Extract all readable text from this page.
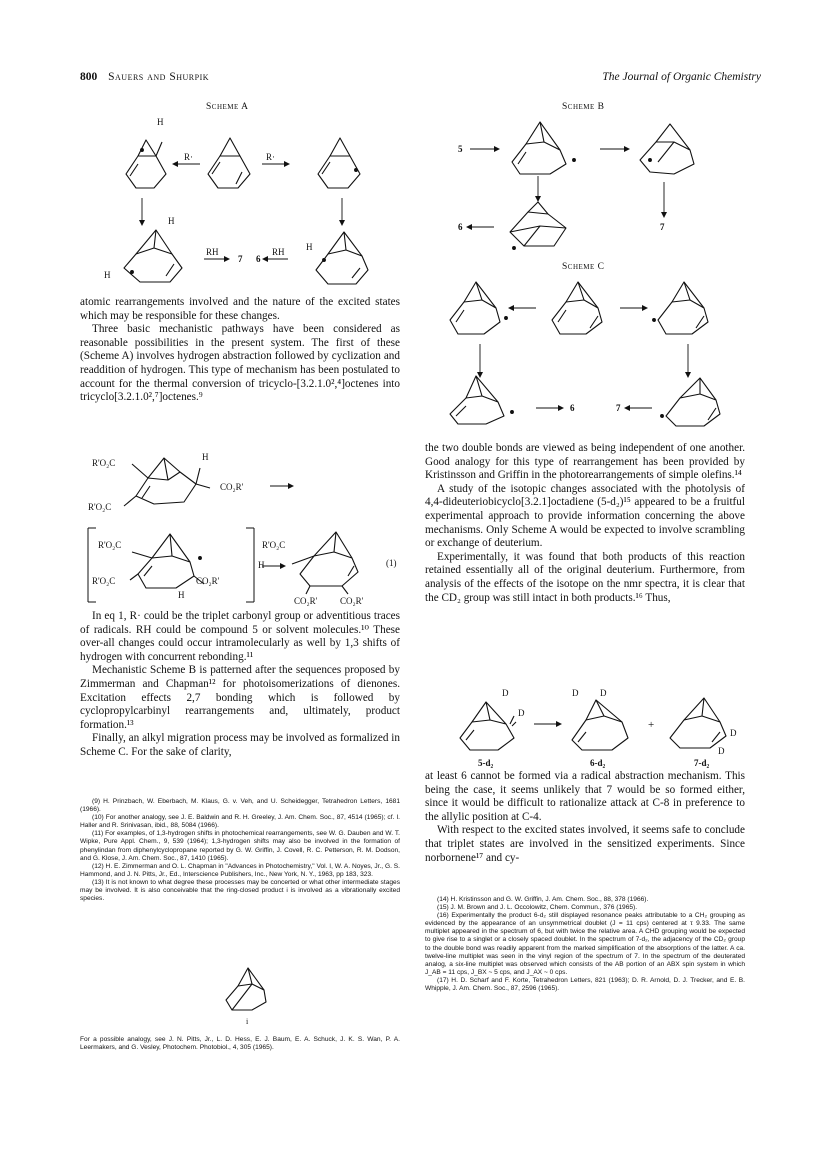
800 Sauers and Shurpik	The Journal of Organic Chemistry
Scheme A
H
R·	R·
H
H
RH
7 6
RH H
Scheme B
5
7
6
Scheme C
6	7

atomic rearrangements involved and the nature of the excited states which may be responsible for these changes.

Three basic mechanistic pathways have been considered as reasonable possibilities in the present system. The first of these (Scheme A) involves hydrogen abstraction followed by cyclization and readdition of hydrogen. This type of mechanism has been postulated to account for the thermal conversion of tricyclo-[3.2.1.0²,⁴]octenes into tricyclo[3.2.1.0²,⁷]octenes.⁹

R'O₂C
H
CO₂R'
R'O₂C
R'O₂C
R'O₂C
H
CO₂R'
R'O₂C
H
CO₂R'	CO₂R'
(1)

In eq 1, R· could be the triplet carbonyl group or adventitious traces of radicals. RH could be compound 5 or solvent molecules.¹⁰ These over-all changes could occur intramolecularly as well by 1,3 shifts of hydrogen with concurrent rebonding.¹¹

Mechanistic Scheme B is patterned after the sequences proposed by Zimmerman and Chapman¹² for photoisomerizations of dienones. Excitation effects 2,7 bonding which is followed by cyclopropylcarbinyl rearrangements and, ultimately, product formation.¹³

Finally, an alkyl migration process may be involved as formalized in Scheme C. For the sake of clarity,

(9) H. Prinzbach, W. Eberbach, M. Klaus, G. v. Veh, and U. Scheidegger, Tetrahedron Letters, 1681 (1966).

(10) For another analogy, see J. E. Baldwin and R. H. Greeley, J. Am. Chem. Soc., 87, 4514 (1965); cf. I. Haller and R. Srinivasan, ibid., 88, 5084 (1966).

(11) For examples, of 1,3-hydrogen shifts in photochemical rearrangements, see W. G. Dauben and W. T. Wipke, Pure Appl. Chem., 9, 539 (1964); 1,3-hydrogen shifts may also be involved in the formation of phenylindan from diphenylcyclopropane reported by G. W. Griffin, J. Covell, R. C. Petterson, R. M. Dodson, and G. Klose, J. Am. Chem. Soc., 87, 1410 (1965).

(12) H. E. Zimmerman and O. L. Chapman in "Advances in Photochemistry," Vol. I, W. A. Noyes, Jr., G. S. Hammond, and J. N. Pitts, Jr., Ed., Interscience Publishers, Inc., New York, N. Y., 1963, pp 183, 323.

(13) It is not known to what degree these processes may be concerted or what other intermediate stages may be involved. It is also conceivable that the ring-closed product i is involved as a vibrationally excited species.

i

For a possible analogy, see J. N. Pitts, Jr., L. D. Hess, E. J. Baum, E. A. Schuck, J. K. S. Wan, P. A. Leermakers, and G. Vesley, Photochem. Photobiol., 4, 305 (1965).

the two double bonds are viewed as being independent of one another. Good analogy for this type of rearrangement has been provided by Kristinsson and Griffin in the photorearrangements of simple olefins.¹⁴

A study of the isotopic changes associated with the photolysis of 4,4-dideuteriobicyclo[3.2.1]octadiene (5-d₂)¹⁵ appeared to be a fruitful experimental approach to provide information concerning the above mechanisms. Only Scheme A would be expected to involve scrambling or exchange of deuterium.

Experimentally, it was found that both products of this reaction retained essentially all of the original deuterium. Furthermore, from analysis of the effects of the isotope on the nmr spectra, it is clear that the CD₂ group was still intact in both products.¹⁶ Thus,

D
D
D D
+
D
D
5-d₂	6-d₂	7-d₂

at least 6 cannot be formed via a radical abstraction mechanism. This being the case, it seems unlikely that 7 would be so formed either, since it would be difficult to rationalize attack at C-8 in preference to the allylic position at C-4.

With respect to the excited states involved, it seems safe to conclude that triplet states are involved in the sensitized experiments. Since norbornene¹⁷ and cy-

(14) H. Kristinsson and G. W. Griffin, J. Am. Chem. Soc., 88, 378 (1966).

(15) J. M. Brown and J. L. Occolowitz, Chem. Commun., 376 (1965).

(16) Experimentally the product 6-d₂ still displayed resonance peaks attributable to a CH₂ grouping as evidenced by the appearance of an unsymmetrical doublet (J = 11 cps) centered at τ 9.33. The same multiplet appeared in the spectrum of 6, but with twice the relative area. A CHD grouping would be expected to give rise to a singlet or a closely spaced doublet. In the spectrum of 7-d₂, the adjacency of the CD₂ group to the double bond was readily apparent from the marked simplification of the absorptions of the latter. A ca. twelve-line multiplet was seen in the vinyl region of the spectrum of 7. In the spectrum of the deuterated analog, a six-line multiplet was observed which consists of the AB portion of an ABX spin system in which J_AB = 11 cps, J_BX ~ 5 cps, and J_AX ~ 0 cps.

(17) H. D. Scharf and F. Korte, Tetrahedron Letters, 821 (1963); D. R. Arnold, D. J. Trecker, and E. B. Whipple, J. Am. Chem. Soc., 87, 2596 (1965).
